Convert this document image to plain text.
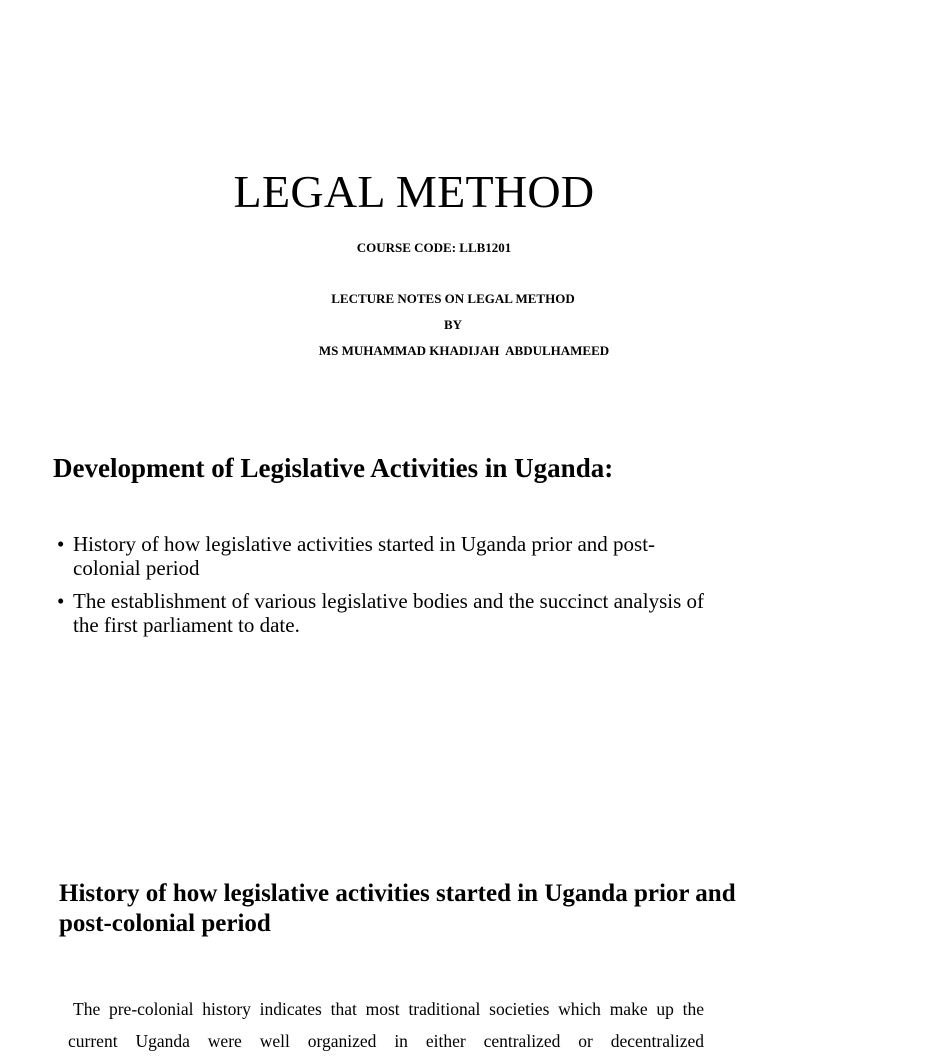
LEGAL METHOD
COURSE CODE: LLB1201
LECTURE NOTES ON LEGAL METHOD
BY
MS MUHAMMAD KHADIJAH  ABDULHAMEED
Development of Legislative Activities in Uganda:
• History of how legislative activities started in Uganda prior and post-colonial period
• The establishment of various legislative bodies and the succinct analysis of the first parliament to date.
History of how legislative activities started in Uganda prior and post-colonial period

The pre-colonial history indicates that most traditional societies which make up the current Uganda were well organized in either centralized or decentralized
